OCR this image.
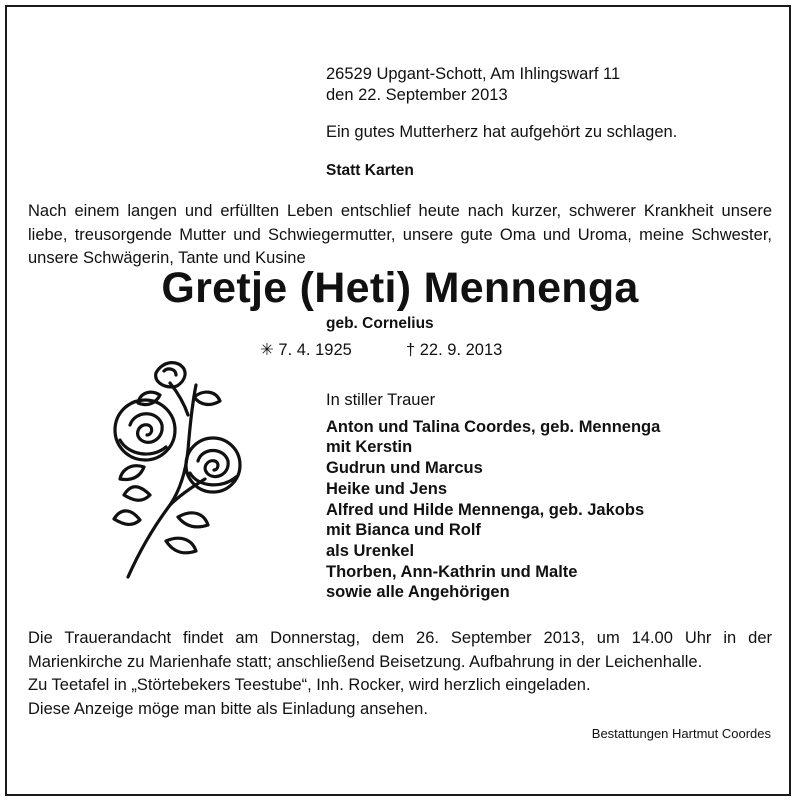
26529 Upgant-Schott, Am Ihlingswarf 11
den 22. September 2013
Ein gutes Mutterherz hat aufgehört zu schlagen.
Statt Karten
Nach einem langen und erfüllten Leben entschlief heute nach kurzer, schwerer Krankheit unsere liebe, treusorgende Mutter und Schwiegermutter, unsere gute Oma und Uroma, meine Schwester, unsere Schwägerin, Tante und Kusine
Gretje (Heti) Mennenga
geb. Cornelius
✳ 7. 4. 1925	† 22. 9. 2013
In stiller Trauer
Anton und Talina Coordes, geb. Mennenga
mit Kerstin
Gudrun und Marcus
Heike und Jens
Alfred und Hilde Mennenga, geb. Jakobs
mit Bianca und Rolf
als Urenkel
Thorben, Ann-Kathrin und Malte
sowie alle Angehörigen
Die Trauerandacht findet am Donnerstag, dem 26. September 2013, um 14.00 Uhr in der Marienkirche zu Marienhafe statt; anschließend Beisetzung. Aufbahrung in der Leichenhalle.
Zu Teetafel in „Störtebekers Teestube“, Inh. Rocker, wird herzlich eingeladen.
Diese Anzeige möge man bitte als Einladung ansehen.
Bestattungen Hartmut Coordes
